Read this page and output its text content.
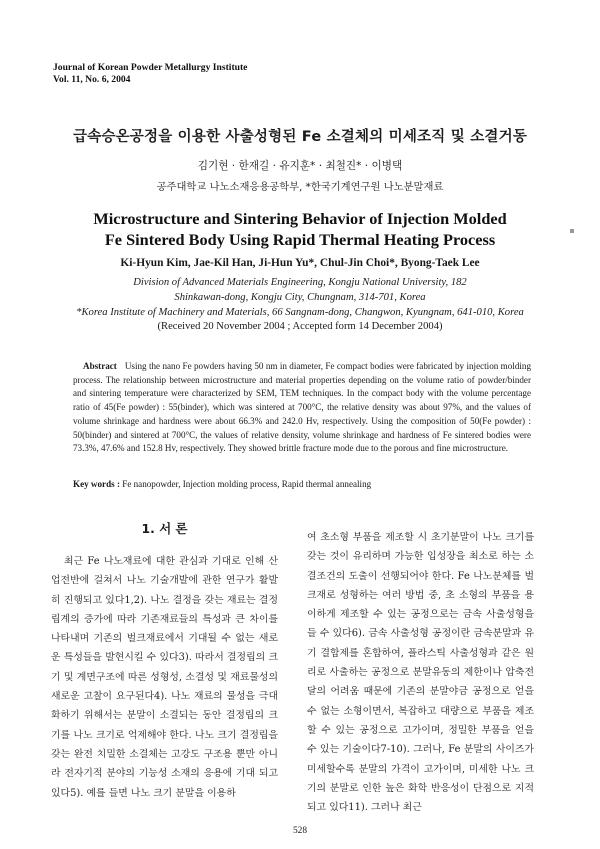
Journal of Korean Powder Metallurgy Institute
Vol. 11, No. 6, 2004
급속승온공정을 이용한 사출성형된 Fe 소결체의 미세조직 및 소결거동
김기현 · 한재길 · 유지훈* · 최철진* · 이병택
공주대학교 나노소재응용공학부, *한국기계연구원 나노분말재료
Microstructure and Sintering Behavior of Injection Molded
Fe Sintered Body Using Rapid Thermal Heating Process
Ki-Hyun Kim, Jae-Kil Han, Ji-Hun Yu*, Chul-Jin Choi*, Byong-Taek Lee
Division of Advanced Materials Engineering, Kongju National University, 182
Shinkawan-dong, Kongju City, Chungnam, 314-701, Korea
*Korea Institute of Machinery and Materials, 66 Sangnam-dong, Changwon, Kyungnam, 641-010, Korea
(Received 20 November 2004 ; Accepted form 14 December 2004)
Abstract Using the nano Fe powders having 50 nm in diameter, Fe compact bodies were fabricated by injection molding process. The relationship between microstructure and material properties depending on the volume ratio of powder/binder and sintering temperature were characterized by SEM, TEM techniques. In the compact body with the volume percentage ratio of 45(Fe powder) : 55(binder), which was sintered at 700°C, the relative density was about 97%, and the values of volume shrinkage and hardness were about 66.3% and 242.0 Hv, respectively. Using the composition of 50(Fe powder) : 50(binder) and sintered at 700°C, the values of relative density, volume shrinkage and hardness of Fe sintered bodies were 73.3%, 47.6% and 152.8 Hv, respectively. They showed brittle fracture mode due to the porous and fine microstructure.
Key words : Fe nanopowder, Injection molding process, Rapid thermal annealing
1. 서 론

최근 Fe 나노재료에 대한 관심과 기대로 인해 산업전반에 걸쳐서 나노 기술개발에 관한 연구가 활발히 진행되고 있다1,2). 나노 결정을 갖는 재료는 결정립계의 증가에 따라 기존재료들의 특성과 큰 차이를 나타내며 기존의 벌크재료에서 기대될 수 없는 새로운 특성들을 발현시킬 수 있다3). 따라서 결정립의 크기 및 계면구조에 따른 성형성, 소결성 및 재료물성의 새로운 고찰이 요구된다4). 나노 재료의 물성을 극대화하기 위해서는 분말이 소결되는 동안 결정립의 크기를 나노 크기로 억제해야 한다. 나노 크기 결정립을 갖는 완전 치밀한 소결체는 고강도 구조용 뿐만 아니라 전자기적 분야의 기능성 소재의 응용에 기대 되고 있다5). 예를 들면 나노 크기 분말을 이용하

여 초소형 부품을 제조할 시 초기분말이 나노 크기를 갖는 것이 유리하며 가능한 입성장을 최소로 하는 소결조건의 도출이 선행되어야 한다. Fe 나노분체를 벌크재로 성형하는 여러 방법 중, 초 소형의 부품을 용이하게 제조할 수 있는 공정으로는 금속 사출성형을 들 수 있다6). 금속 사출성형 공정이란 금속분말과 유기 결합제를 혼합하여, 플라스틱 사출성형과 같은 원리로 사출하는 공정으로 분말유동의 제한이나 압축전달의 어려움 때문에 기존의 분말야금 공정으로 얻을 수 없는 소형이면서, 복잡하고 대량으로 부품을 제조할 수 있는 공정으로 고가이며, 정밀한 부품을 얻을 수 있는 기술이다7-10). 그러나, Fe 분말의 사이즈가 미세할수록 분말의 가격이 고가이며, 미세한 나노 크기의 분말로 인한 높은 화학 반응성이 단점으로 지적되고 있다11). 그러나 최근

528
